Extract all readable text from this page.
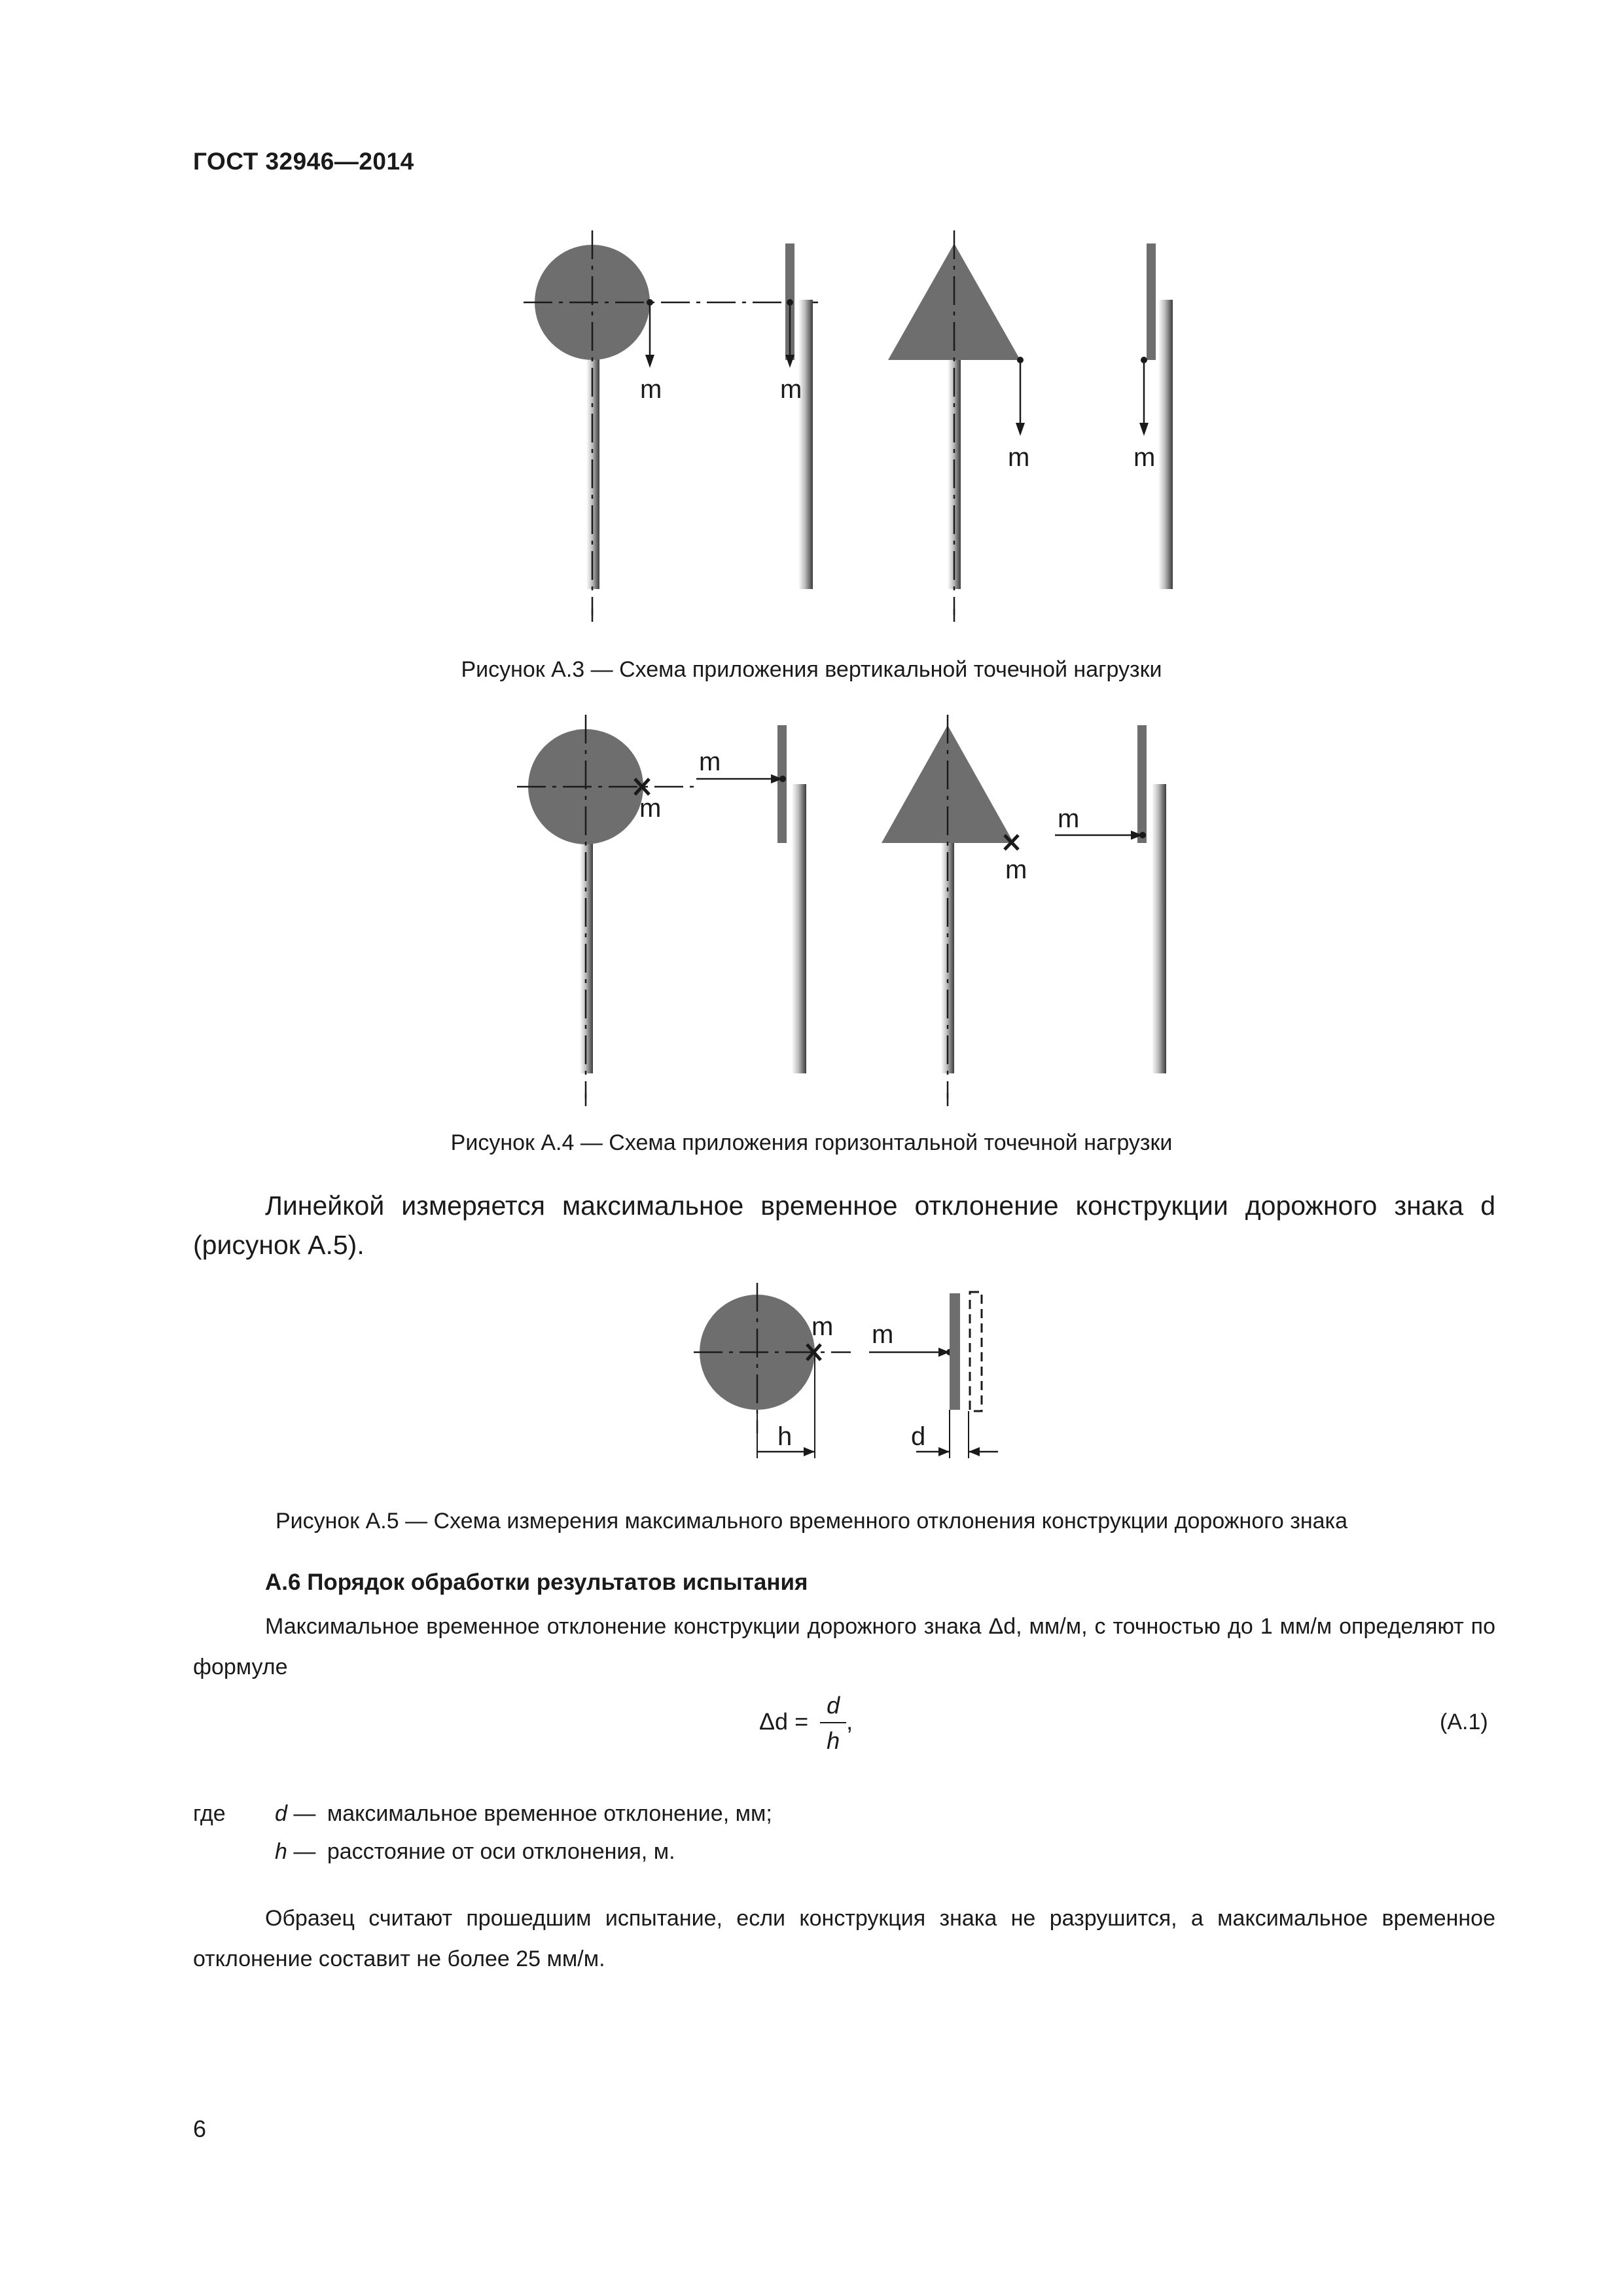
ГОСТ 32946—2014
m	m
m	m
Рисунок А.3 — Схема приложения вертикальной точечной нагрузки
m
m
m
m
Рисунок А.4 — Схема приложения горизонтальной точечной нагрузки
Линейкой измеряется максимальное временное отклонение конструкции дорожного знака d (рисунок А.5).
m
h
m
d
Рисунок А.5 — Схема измерения максимального временного отклонения конструкции дорожного знака
А.6 Порядок обработки результатов испытания
Максимальное временное отклонение конструкции дорожного знака Δd, мм/м, с точностью до 1 мм/м определяют по формуле
$\Delta d = \frac{d}{h}$ ,	(А.1)
где d — максимальное временное отклонение, мм;
h — расстояние от оси отклонения, м.
Образец считают прошедшим испытание, если конструкция знака не разрушится, а максимальное временное отклонение составит не более 25 мм/м.
6
